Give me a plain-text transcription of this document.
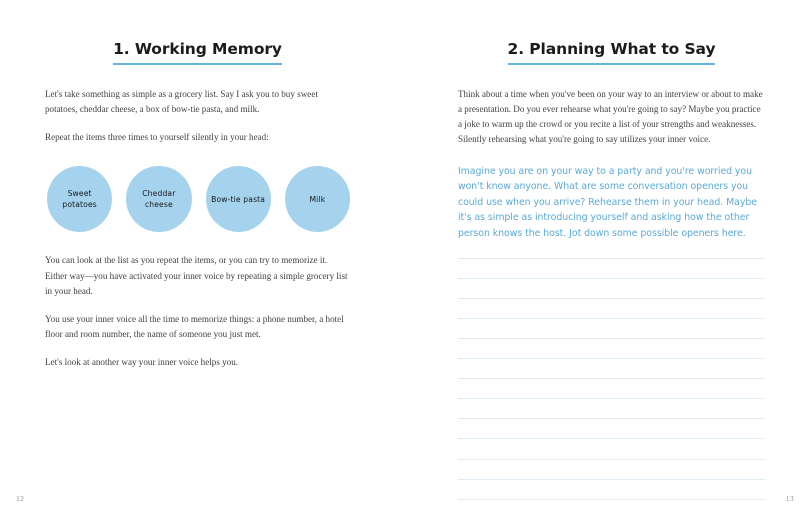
1. Working Memory

Let's take something as simple as a grocery list. Say I ask you to buy sweet potatoes, cheddar cheese, a box of bow-tie pasta, and milk.

Repeat the items three times to yourself silently in your head:

Sweet potatoes
Cheddar cheese
Bow-tie pasta	Milk

You can look at the list as you repeat the items, or you can try to memorize it. Either way—you have activated your inner voice by repeating a simple grocery list in your head.

You use your inner voice all the time to memorize things: a phone number, a hotel floor and room number, the name of someone you just met.

Let's look at another way your inner voice helps you.

12
2. Planning What to Say

Think about a time when you've been on your way to an interview or about to make a presentation. Do you ever rehearse what you're going to say? Maybe you practice a joke to warm up the crowd or you recite a list of your strengths and weaknesses. Silently rehearsing what you're going to say utilizes your inner voice.

Imagine you are on your way to a party and you're worried you won't know anyone. What are some conversation openers you could use when you arrive? Rehearse them in your head. Maybe it's as simple as introducing yourself and asking how the other person knows the host. Jot down some possible openers here.

13
